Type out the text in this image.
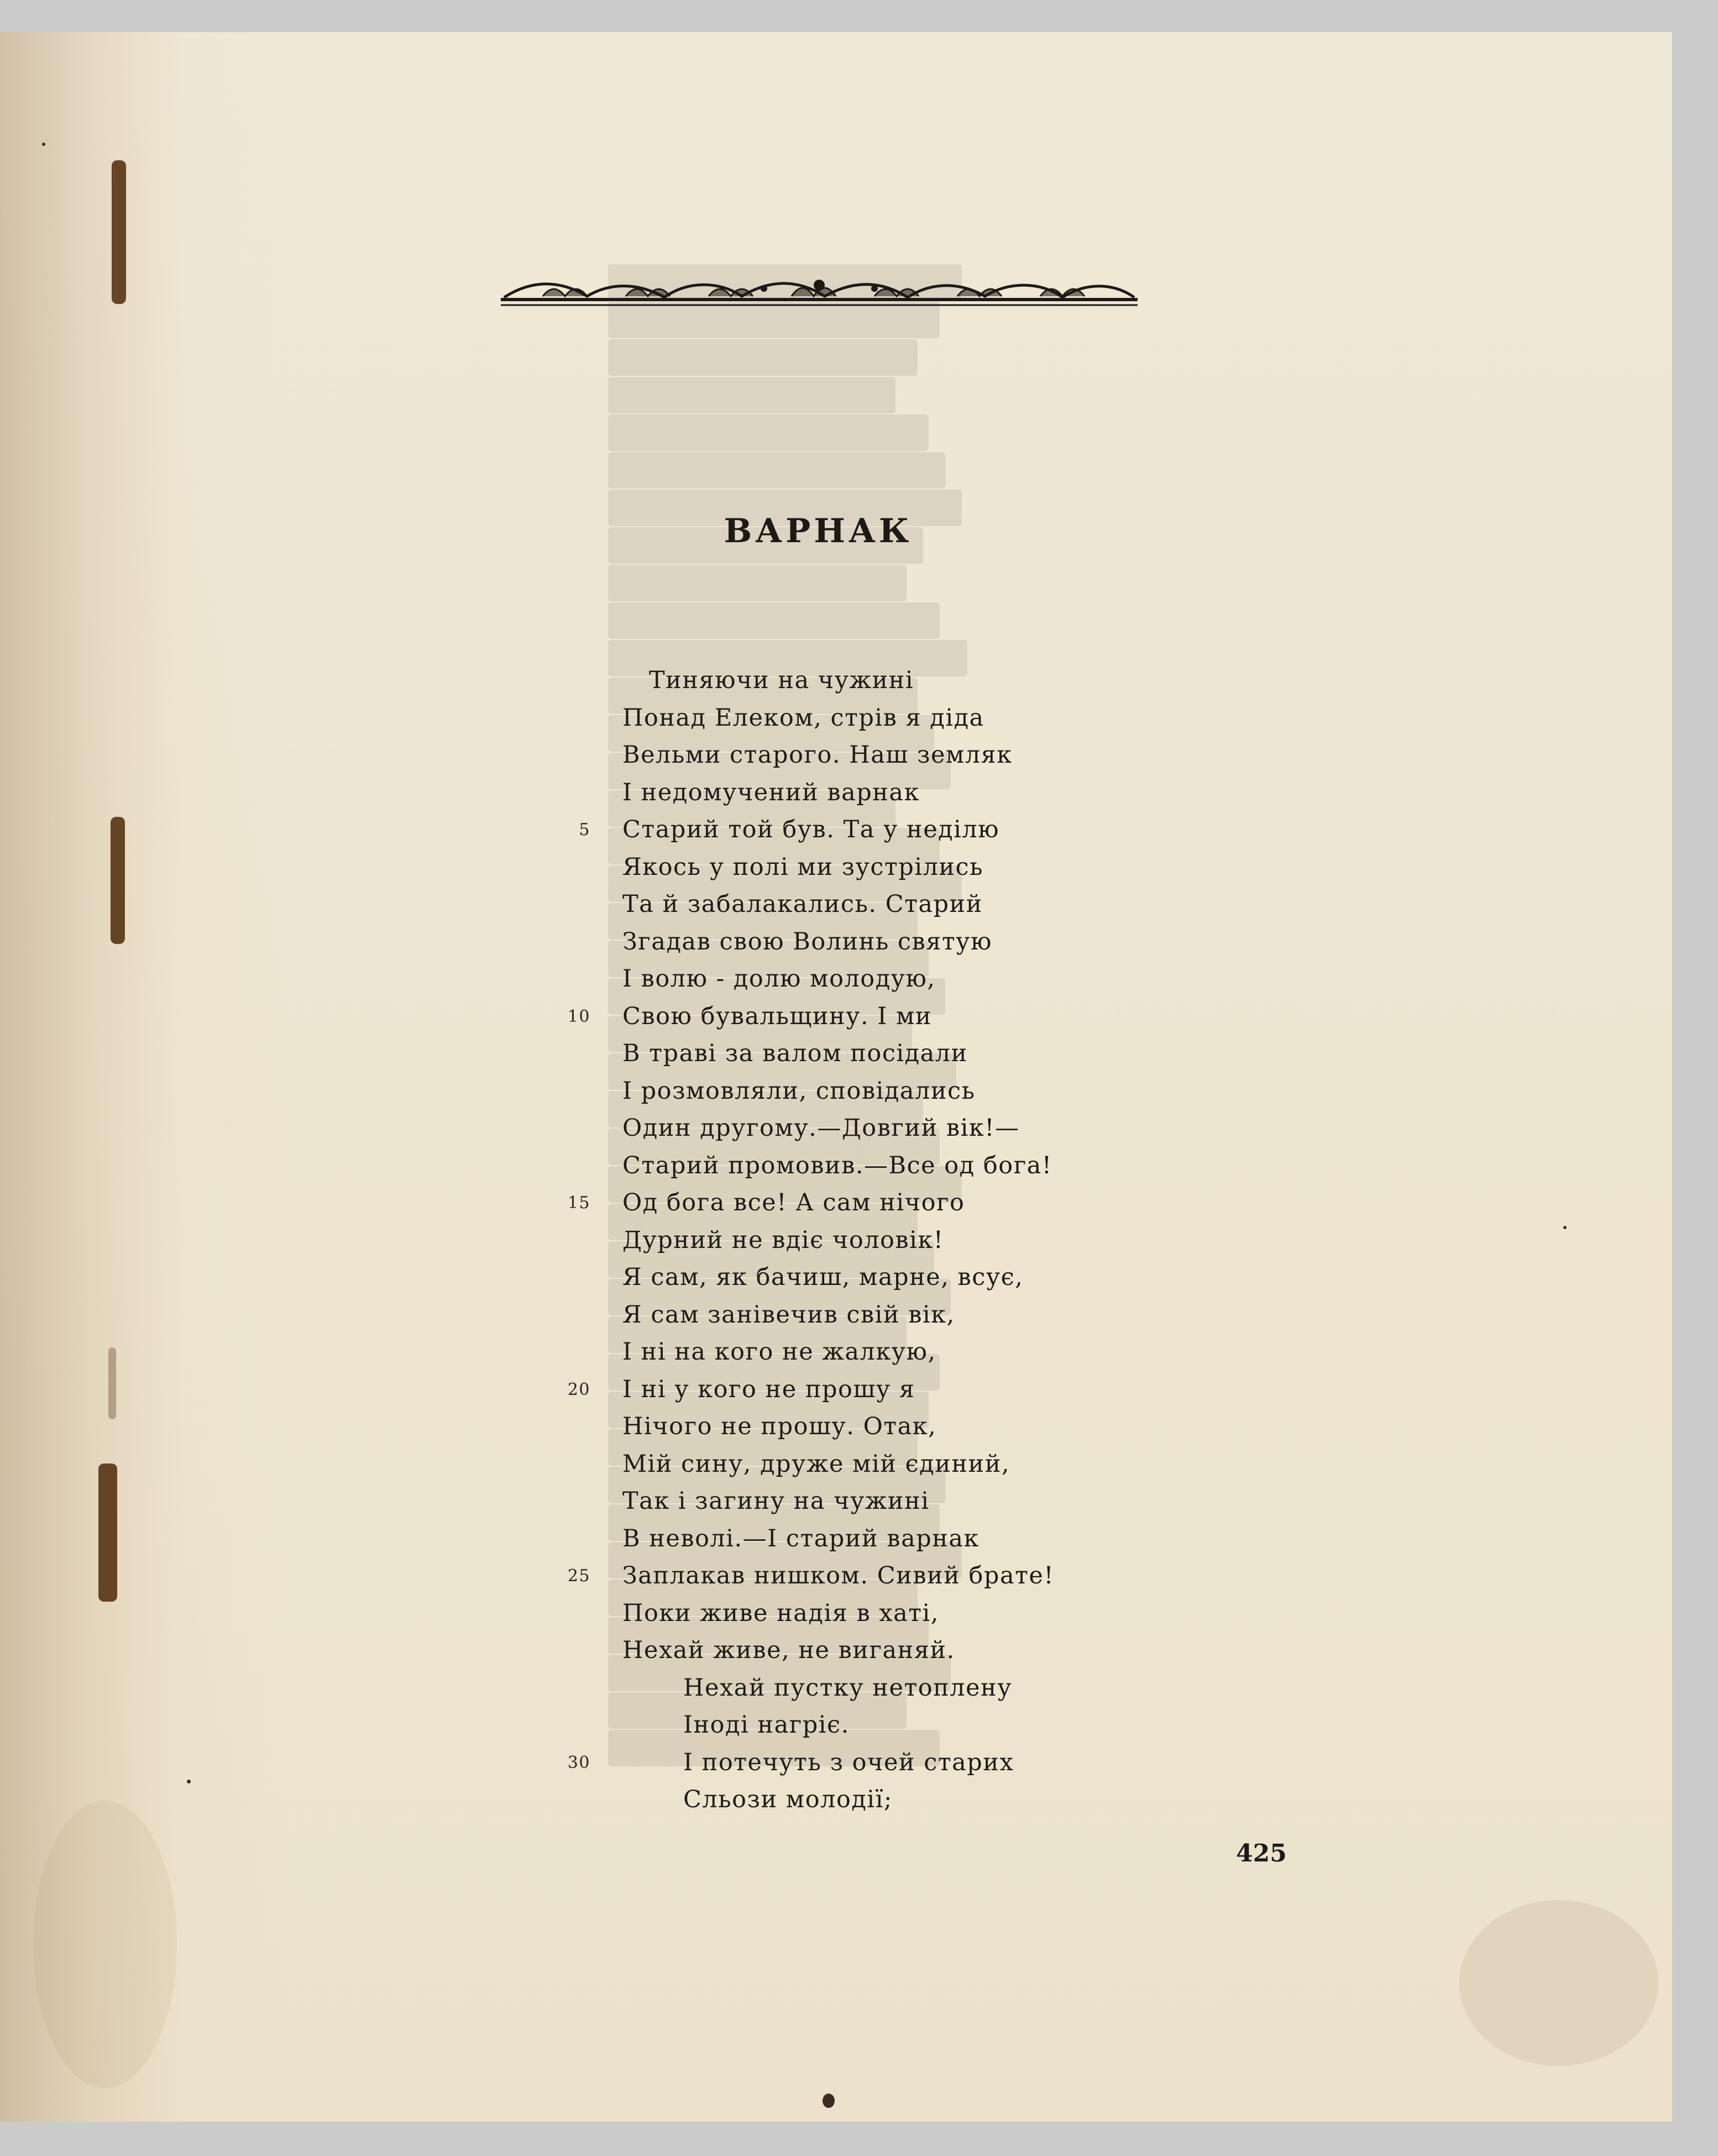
ВАРНАК
Тиняючи на чужині
Понад Елеком, стрів я діда
Вельми старого. Наш земляк
І недомучений варнак
5 Старий той був. Та у неділю
Якось у полі ми зустрілись
Та й забалакались. Старий
Згадав свою Волинь святую
І волю - долю молодую,
10 Свою бувальщину. І ми
В траві за валом посідали
І розмовляли, сповідались
Один другому.—Довгий вік!—
Старий промовив.—Все од бога!
15 Од бога все! А сам нічого
Дурний не вдіє чоловік!
Я сам, як бачиш, марне, всує,
Я сам занівечив свій вік,
І ні на кого не жалкую,
20 І ні у кого не прошу я
Нічого не прошу. Отак,
Мій сину, друже мій єдиний,
Так і загину на чужині
В неволі.—І старий варнак
25 Заплакав нишком. Сивий брате!
Поки живе надія в хаті,
Нехай живе, не виганяй.
Нехай пустку нетоплену
Іноді нагріє.
30	І потечуть з очей старих
Сльози молодії;
425
